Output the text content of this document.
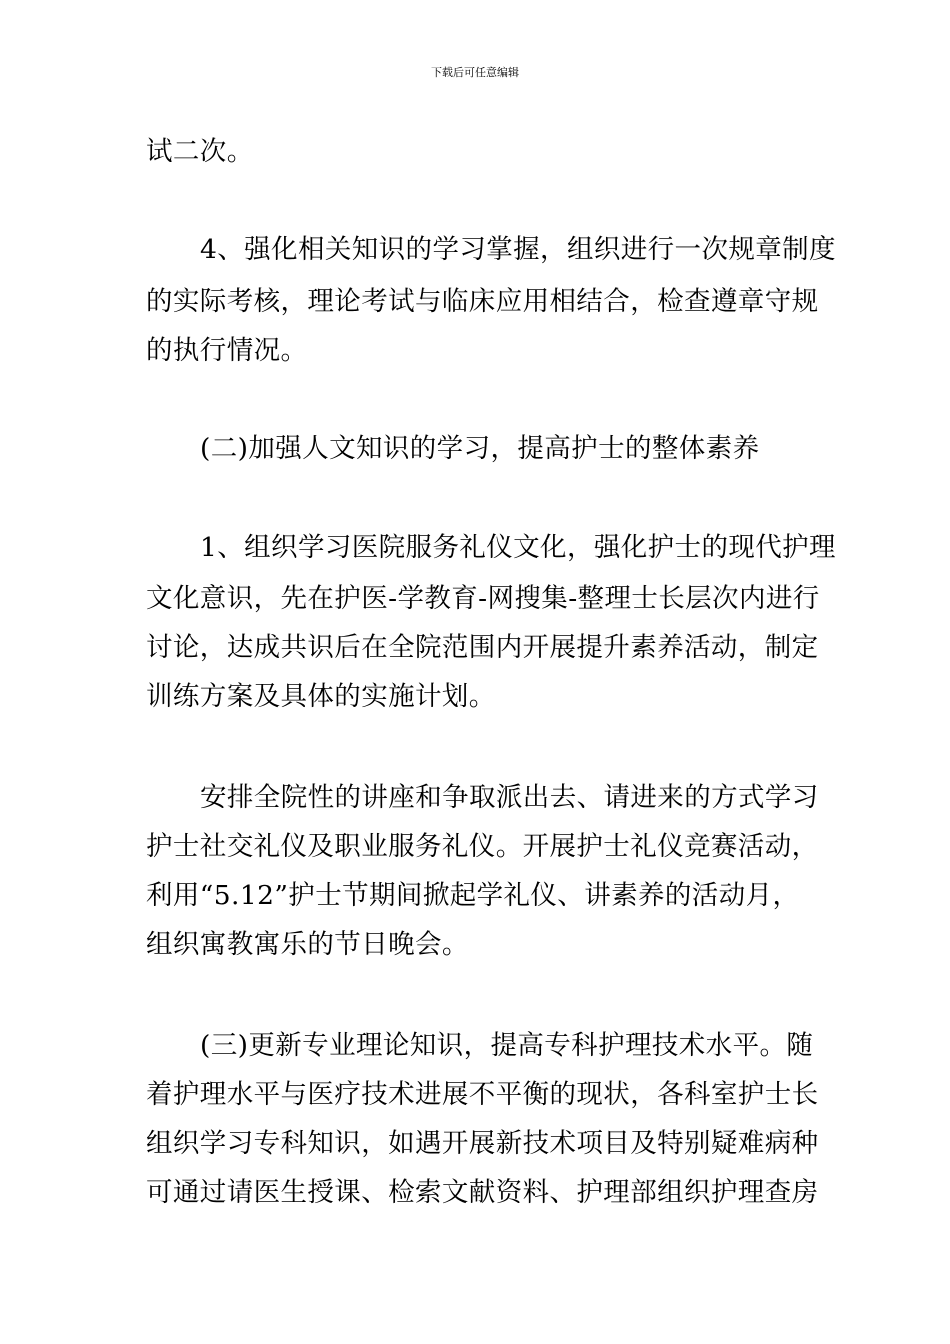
下载后可任意编辑
试二次。
4、强化相关知识的学习掌握，组织进行一次规章制度
的实际考核，理论考试与临床应用相结合，检查遵章守规
的执行情况。
(二)加强人文知识的学习，提高护士的整体素养
1、组织学习医院服务礼仪文化，强化护士的现代护理
文化意识，先在护医-学教育-网搜集-整理士长层次内进行
讨论，达成共识后在全院范围内开展提升素养活动，制定
训练方案及具体的实施计划。
安排全院性的讲座和争取派出去、请进来的方式学习
护士社交礼仪及职业服务礼仪。开展护士礼仪竞赛活动，
利用“5.12”护士节期间掀起学礼仪、讲素养的活动月，
组织寓教寓乐的节日晚会。
(三)更新专业理论知识，提高专科护理技术水平。随
着护理水平与医疗技术进展不平衡的现状，各科室护士长
组织学习专科知识，如遇开展新技术项目及特别疑难病种
可通过请医生授课、检索文献资料、护理部组织护理查房
